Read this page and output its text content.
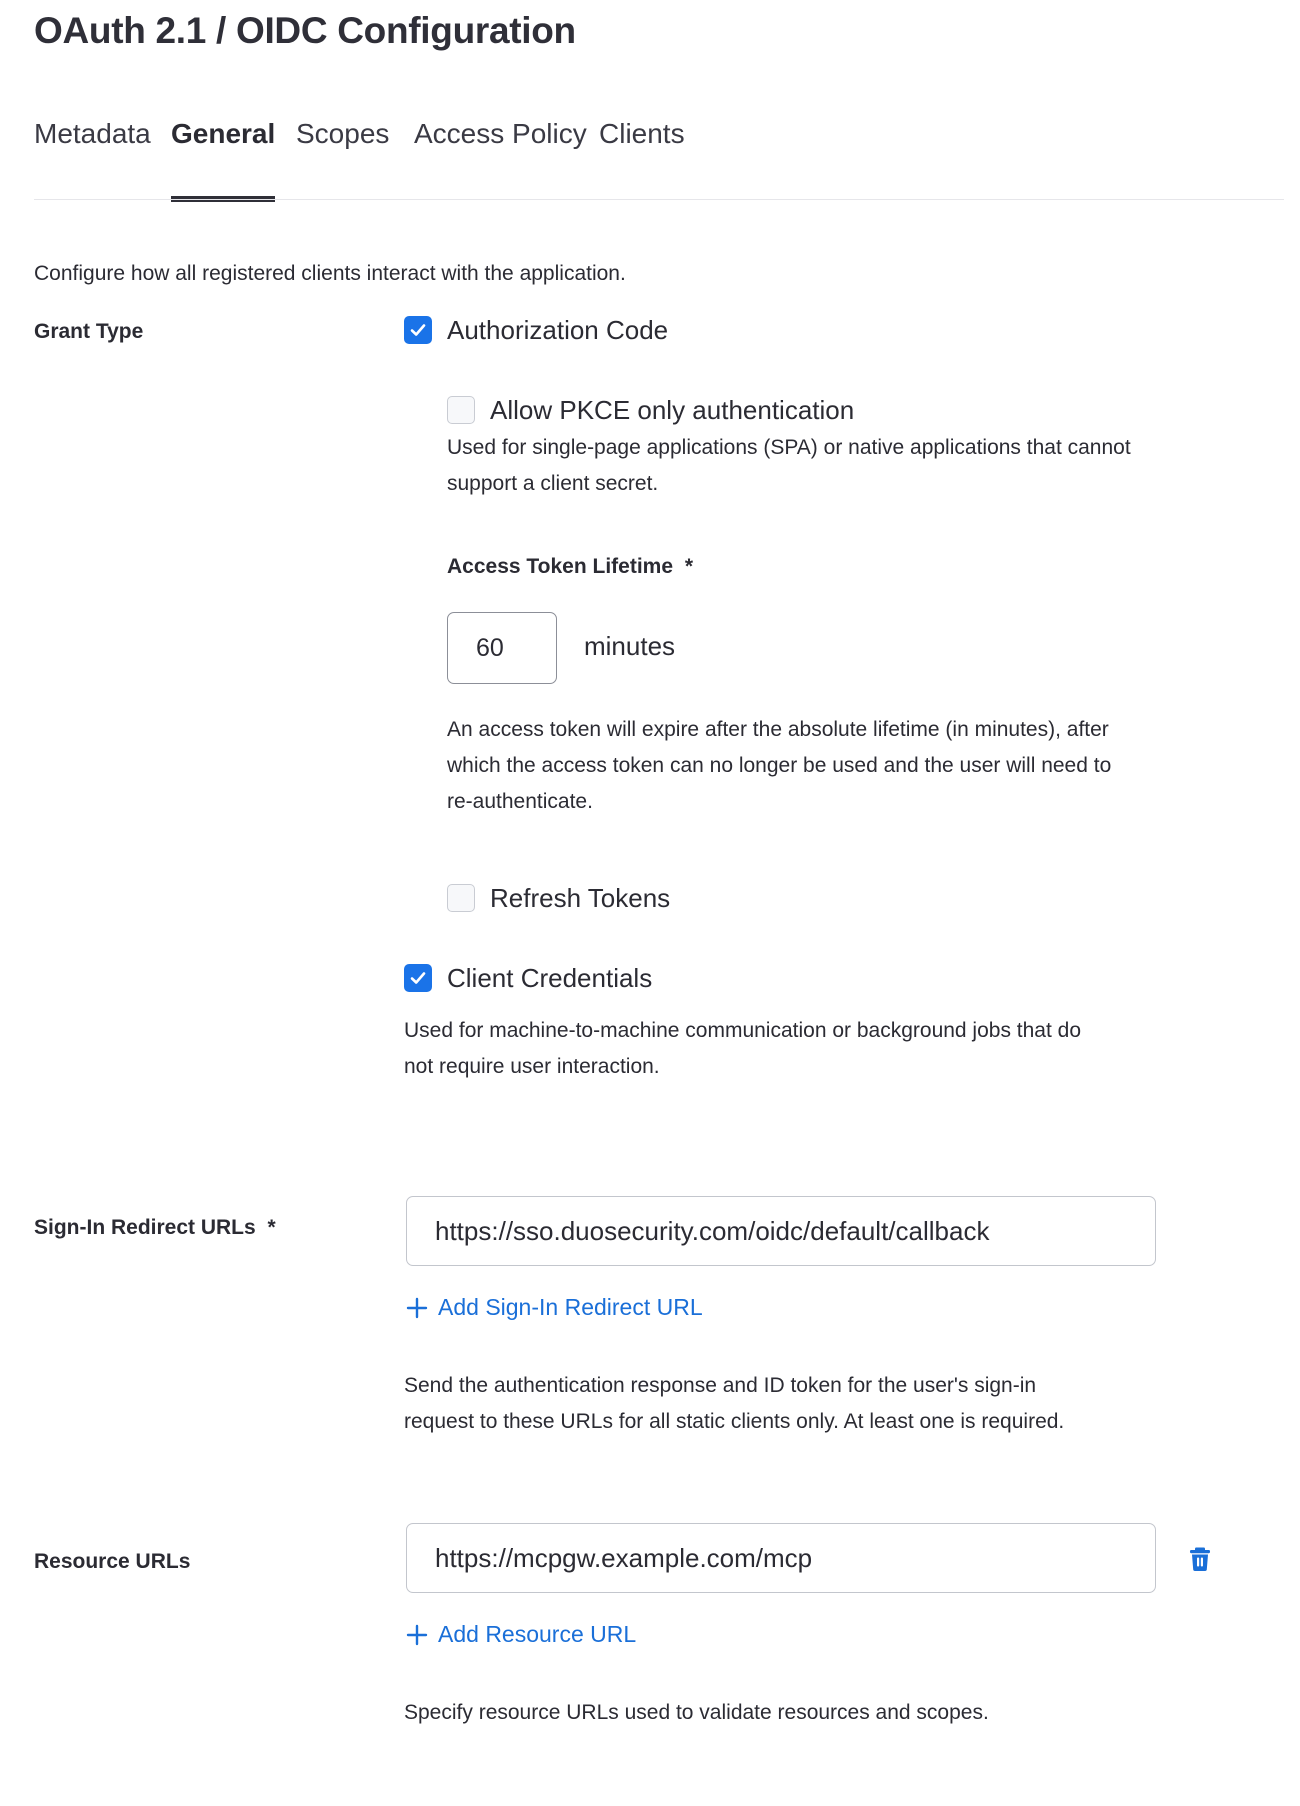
OAuth 2.1 / OIDC Configuration
Metadata General Scopes Access Policy Clients
Configure how all registered clients interact with the application.
Grant Type	Authorization Code
Allow PKCE only authentication
Used for single-page applications (SPA) or native applications that cannot
support a client secret.
Access Token Lifetime *
60	minutes
An access token will expire after the absolute lifetime (in minutes), after
which the access token can no longer be used and the user will need to
re-authenticate.
Refresh Tokens
Client Credentials
Used for machine-to-machine communication or background jobs that do
not require user interaction.
Sign-In Redirect URLs *
https://sso.duosecurity.com/oidc/default/callback
Add Sign-In Redirect URL
Send the authentication response and ID token for the user's sign-in
request to these URLs for all static clients only. At least one is required.
Resource URLs
https://mcpgw.example.com/mcp
Add Resource URL
Specify resource URLs used to validate resources and scopes.
